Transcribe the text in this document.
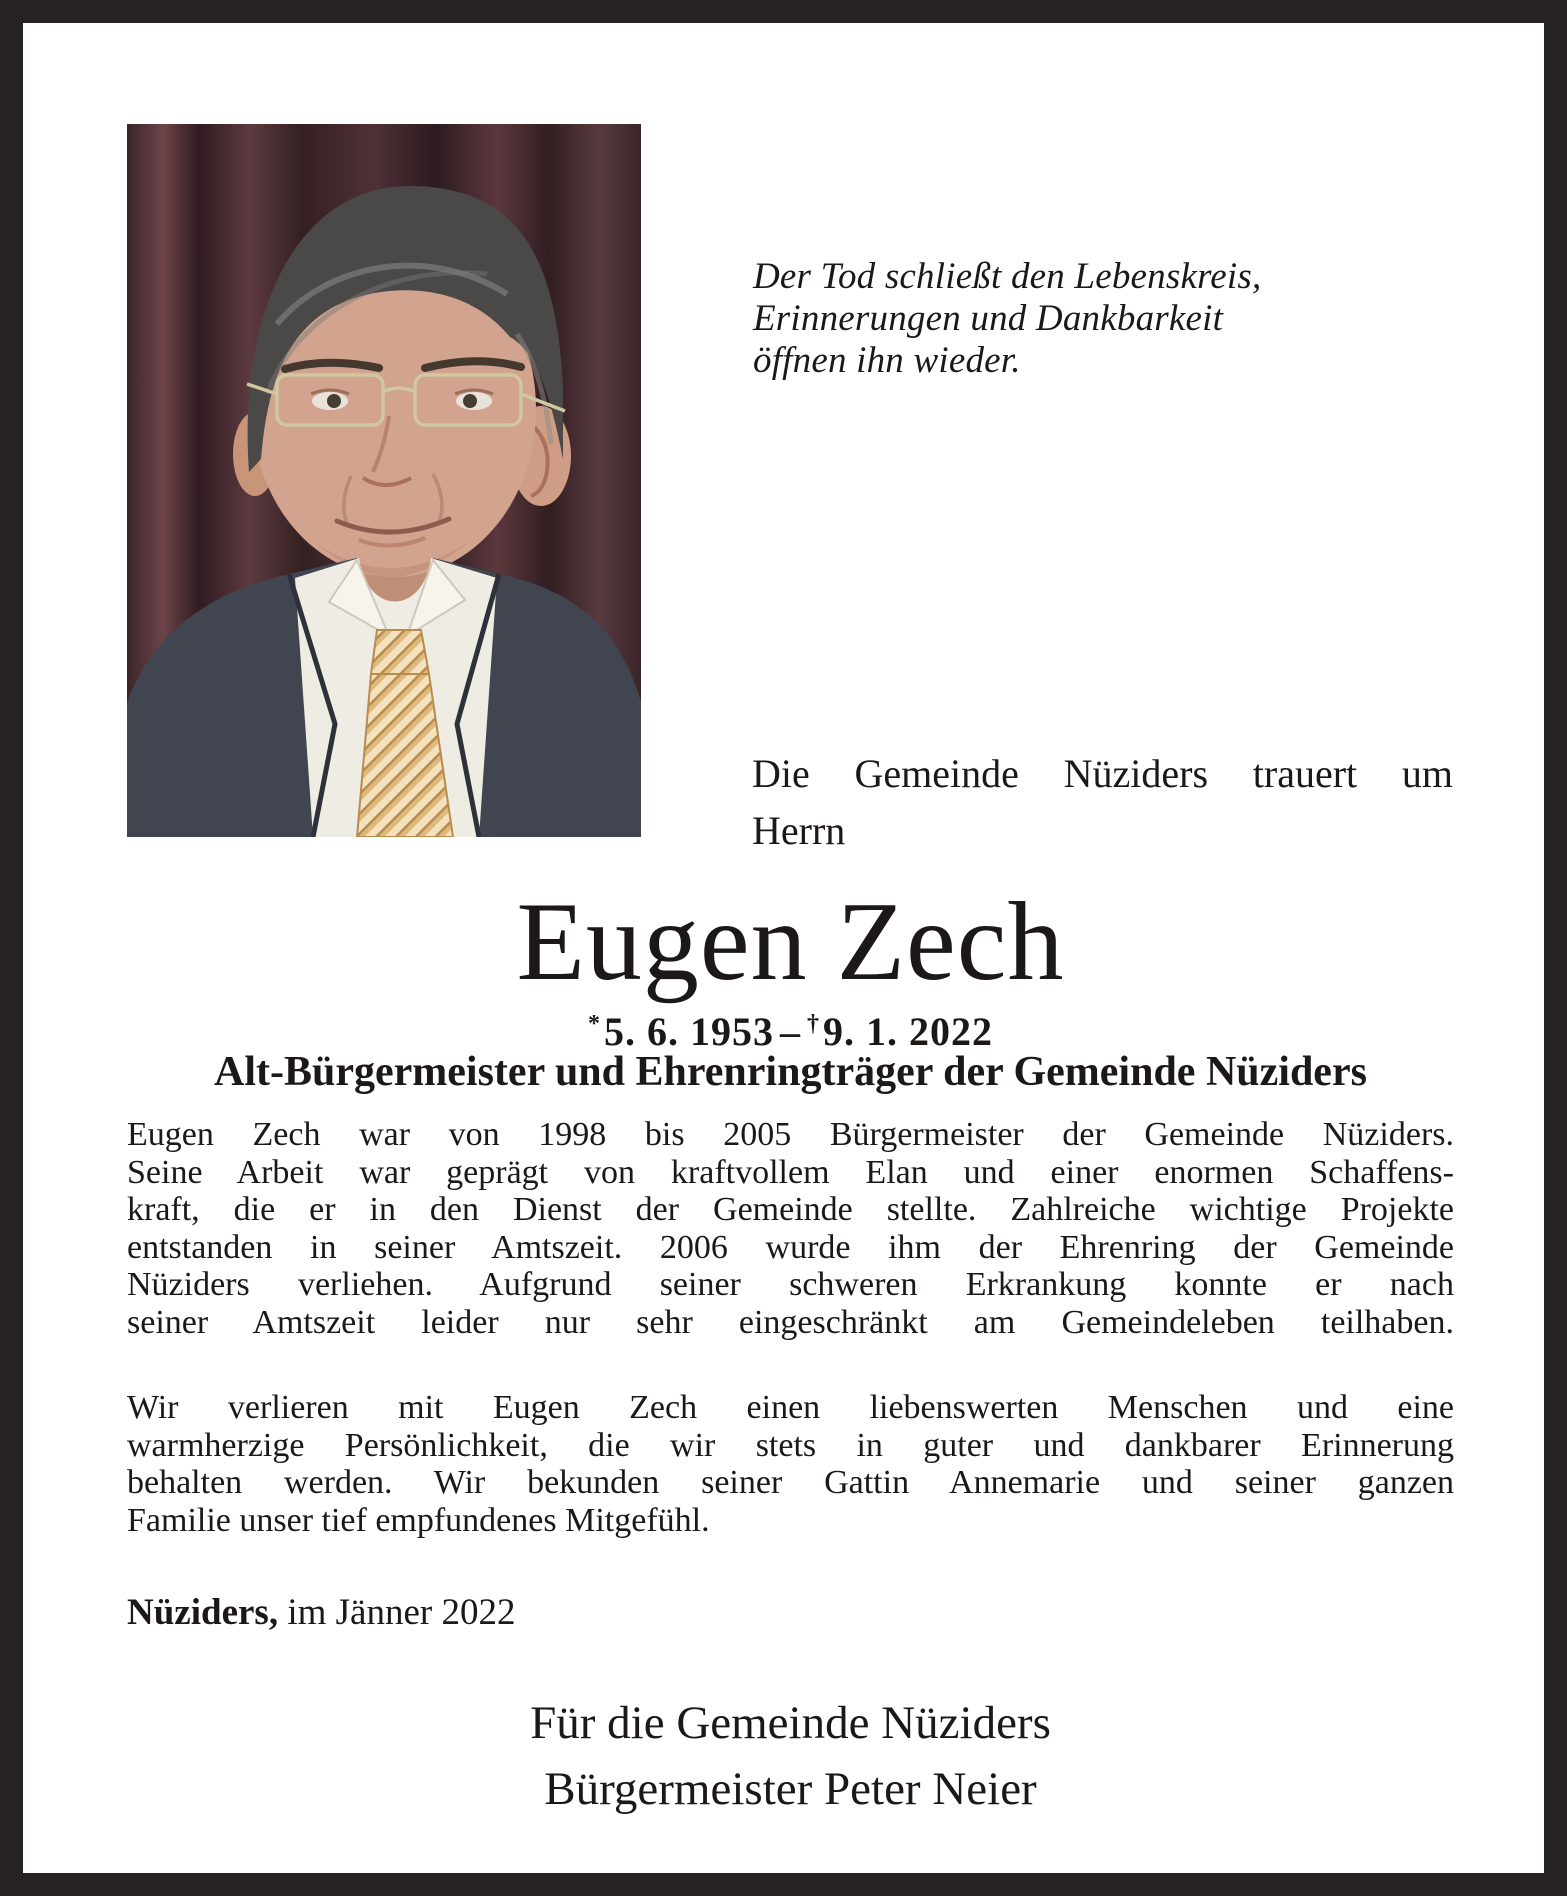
Der Tod schließt den Lebenskreis,
Erinnerungen und Dankbarkeit
öffnen ihn wieder.
Die Gemeinde Nüziders trauert um
Herrn
Eugen Zech
*5. 6. 1953 – †9. 1. 2022
Alt-Bürgermeister und Ehrenringträger der Gemeinde Nüziders
Eugen Zech war von 1998 bis 2005 Bürgermeister der Gemeinde Nüziders.
Seine Arbeit war geprägt von kraftvollem Elan und einer enormen Schaffens-
kraft, die er in den Dienst der Gemeinde stellte. Zahlreiche wichtige Projekte
entstanden in seiner Amtszeit. 2006 wurde ihm der Ehrenring der Gemeinde
Nüziders verliehen. Aufgrund seiner schweren Erkrankung konnte er nach
seiner Amtszeit leider nur sehr eingeschränkt am Gemeindeleben teilhaben.
Wir verlieren mit Eugen Zech einen liebenswerten Menschen und eine
warmherzige Persönlichkeit, die wir stets in guter und dankbarer Erinnerung
behalten werden. Wir bekunden seiner Gattin Annemarie und seiner ganzen
Familie unser tief empfundenes Mitgefühl.
Nüziders, im Jänner 2022
Für die Gemeinde Nüziders
Bürgermeister Peter Neier
